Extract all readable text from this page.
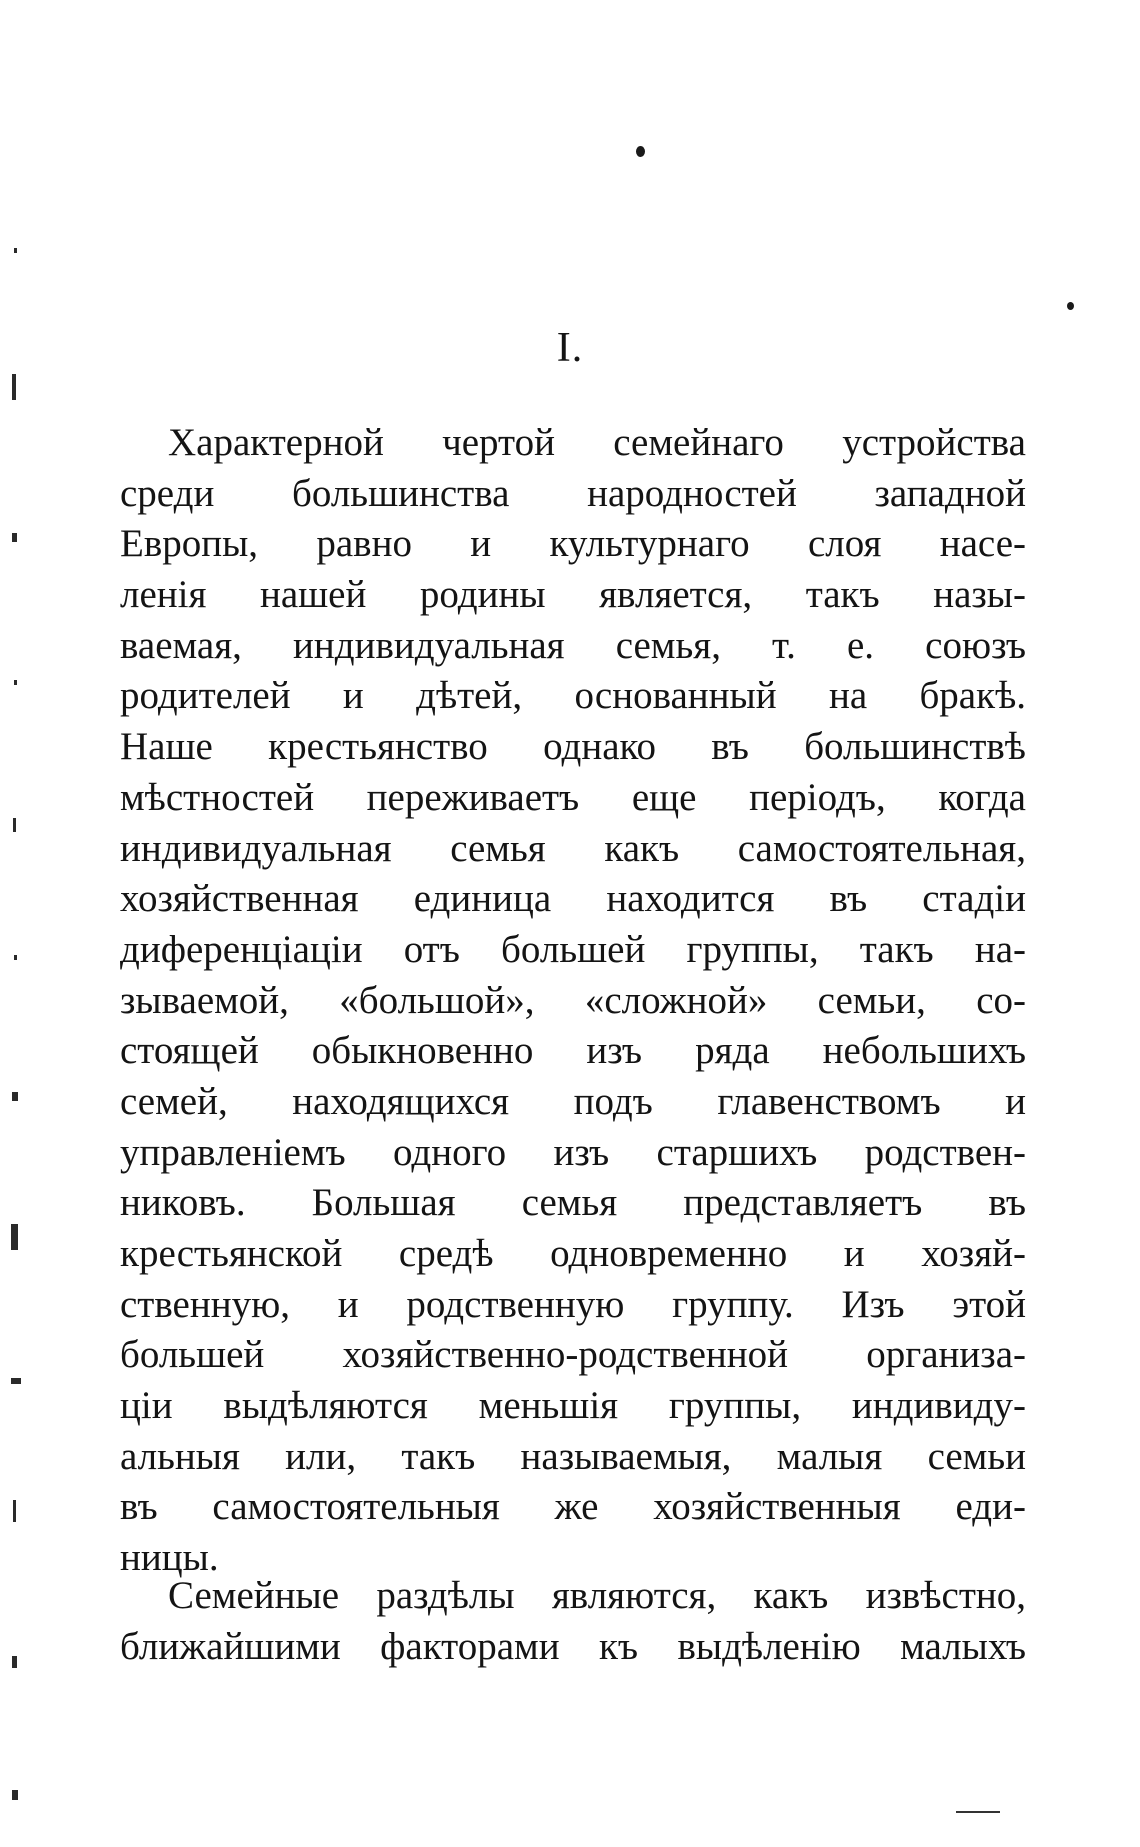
I.
Характерной чертой семейнаго устройства
среди большинства народностей западной
Европы, равно и культурнаго слоя насе-
ленія нашей родины является, такъ назы-
ваемая, индивидуальная семья, т. е. союзъ
родителей и дѣтей, основанный на бракѣ.
Наше крестьянство однако въ большинствѣ
мѣстностей переживаетъ еще періодъ, когда
индивидуальная семья какъ самостоятельная,
хозяйственная единица находится въ стадіи
диференціаціи отъ большей группы, такъ на-
зываемой, «большой», «сложной» семьи, со-
стоящей обыкновенно изъ ряда небольшихъ
семей, находящихся подъ главенствомъ и
управленіемъ одного изъ старшихъ родствен-
никовъ. Большая семья представляетъ въ
крестьянской средѣ одновременно и хозяй-
ственную, и родственную группу. Изъ этой
большей хозяйственно-родственной организа-
ціи выдѣляются меньшія группы, индивиду-
альныя или, такъ называемыя, малыя семьи
въ самостоятельныя же хозяйственныя еди-
ницы.
Семейные раздѣлы являются, какъ извѣстно,
ближайшими факторами къ выдѣленію малыхъ
